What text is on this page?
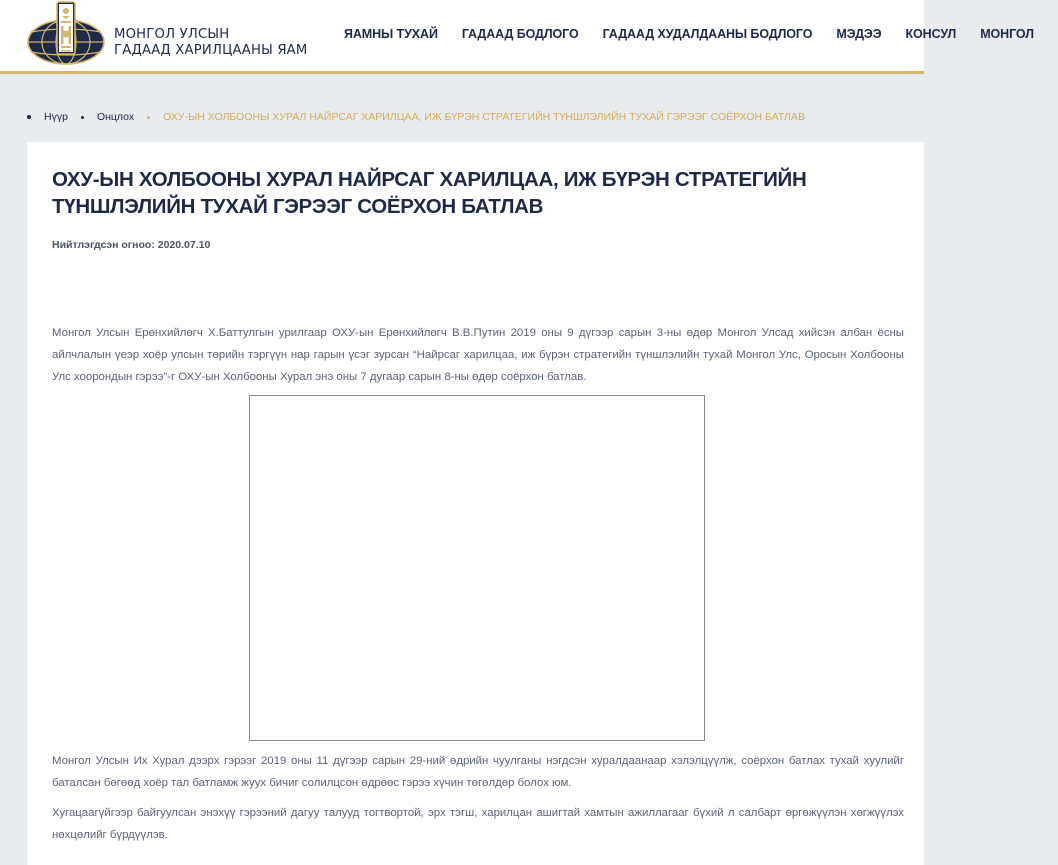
МОНГОЛ УЛСЫН
ГАДААД ХАРИЛЦААНЫ ЯАМ
ЯАМНЫ ТУХАЙ ГАДААД БОДЛОГО ГАДААД ХУДАЛДААНЫ БОДЛОГО МЭДЭЭ КОНСУЛ МОНГОЛ
Нүүр	Онцлох	ОХУ-ЫН ХОЛБООНЫ ХУРАЛ НАЙРСАГ ХАРИЛЦАА, ИЖ БҮРЭН СТРАТЕГИЙН ТҮНШЛЭЛИЙН ТУХАЙ ГЭРЭЭГ СОЁРХОН БАТЛАВ
ОХУ-ЫН ХОЛБООНЫ ХУРАЛ НАЙРСАГ ХАРИЛЦАА, ИЖ БҮРЭН СТРАТЕГИЙН ТҮНШЛЭЛИЙН ТУХАЙ ГЭРЭЭГ СОЁРХОН БАТЛАВ
Нийтлэгдсэн огноо: 2020.07.10

Монгол Улсын Ерөнхийлөгч Х.Баттулгын урилгаар ОХУ-ын Ерөнхийлөгч В.В.Путин 2019 оны 9 дүгээр сарын 3-ны өдөр Монгол Улсад хийсэн албан ёсны айлчлалын үеэр хоёр улсын төрийн тэргүүн нар гарын үсэг зурсан “Найрсаг харилцаа, иж бүрэн стратегийн түншлэлийн тухай Монгол Улс, Оросын Холбооны Улс хоорондын гэрээ”-г ОХУ-ын Холбооны Хурал энэ оны 7 дугаар сарын 8-ны өдөр соёрхон батлав.

Монгол Улсын Их Хурал дээрх гэрээг 2019 оны 11 дүгээр сарын 29-ний өдрийн чуулганы нэгдсэн хуралдаанаар хэлэлцүүлж, соёрхон батлах тухай хуулийг баталсан бөгөөд хоёр тал батламж жуух бичиг солилцсон өдрөөс гэрээ хүчин төгөлдөр болох юм.

Хугацаагүйгээр байгуулсан энэхүү гэрээний дагуу талууд тогтвортой, эрх тэгш, харилцан ашигтай хамтын ажиллагааг бүхий л салбарт өргөжүүлэн хөгжүүлэх нөхцөлийг бүрдүүлэв.
